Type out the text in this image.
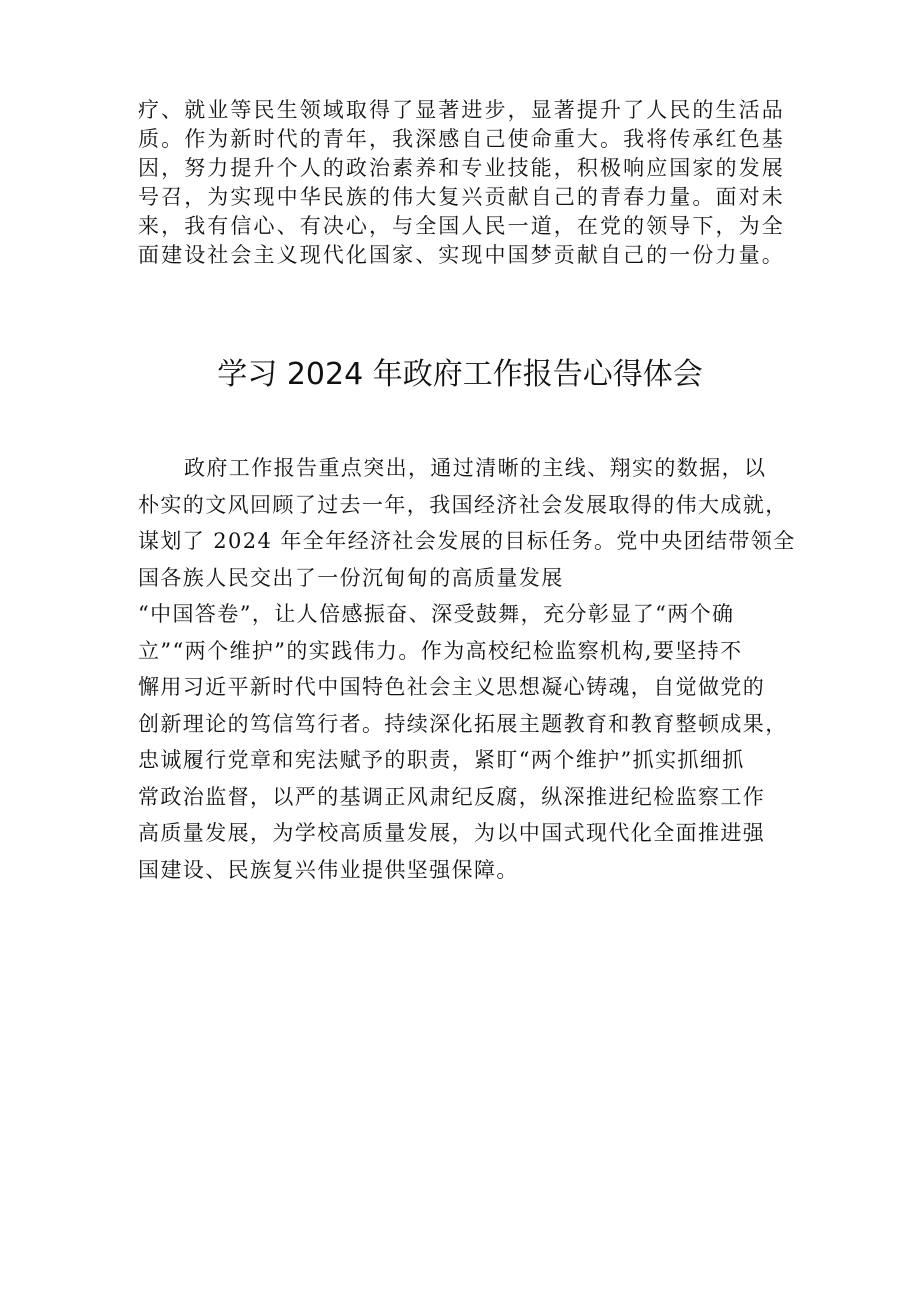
疗、就业等民生领域取得了显著进步，显著提升了人民的生活品
质。作为新时代的青年，我深感自己使命重大。我将传承红色基
因，努力提升个人的政治素养和专业技能，积极响应国家的发展
号召，为实现中华民族的伟大复兴贡献自己的青春力量。面对未
来，我有信心、有决心，与全国人民一道，在党的领导下，为全
面建设社会主义现代化国家、实现中国梦贡献自己的一份力量。
学习 2024 年政府工作报告心得体会
政府工作报告重点突出，通过清晰的主线、翔实的数据，以
朴实的文风回顾了过去一年，我国经济社会发展取得的伟大成就，
谋划了 2024 年全年经济社会发展的目标任务。党中央团结带领全
国各族人民交出了一份沉甸甸的高质量发展
“中国答卷”，让人倍感振奋、深受鼓舞，充分彰显了“两个确
立”“两个维护”的实践伟力。作为高校纪检监察机构,要坚持不
懈用习近平新时代中国特色社会主义思想凝心铸魂，自觉做党的
创新理论的笃信笃行者。持续深化拓展主题教育和教育整顿成果，
忠诚履行党章和宪法赋予的职责，紧盯“两个维护”抓实抓细抓
常政治监督，以严的基调正风肃纪反腐，纵深推进纪检监察工作
高质量发展，为学校高质量发展，为以中国式现代化全面推进强
国建设、民族复兴伟业提供坚强保障。
